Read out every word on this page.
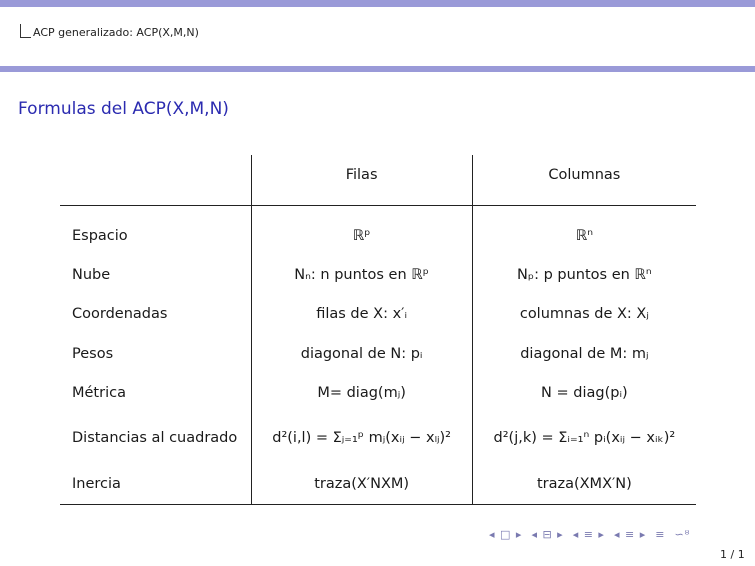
ACP generalizado: ACP(X,M,N)
Formulas del ACP(X,M,N)
	Filas	Columnas

Espacio	ℝᵖ	ℝⁿ
Nube	Nₙ: n puntos en ℝᵖ	Nₚ: p puntos en ℝⁿ
Coordenadas	filas de X: x′ᵢ	columnas de X: Xⱼ
Pesos	diagonal de N: pᵢ	diagonal de M: mⱼ
Métrica	M= diag(mⱼ)	N = diag(pᵢ)
Distancias al cuadrado	d²(i,l) = Σⱼ₌₁ᵖ mⱼ(xᵢⱼ − xₗⱼ)²	d²(j,k) = Σᵢ₌₁ⁿ pᵢ(xᵢⱼ − xᵢₖ)²
Inercia	traza(X′NXM)	traza(XMX′N)
◂ □ ▸ ◂ ⊟ ▸ ◂ ≡ ▸ ◂ ≡ ▸ ≡ ∽ᴽ
1 / 1
